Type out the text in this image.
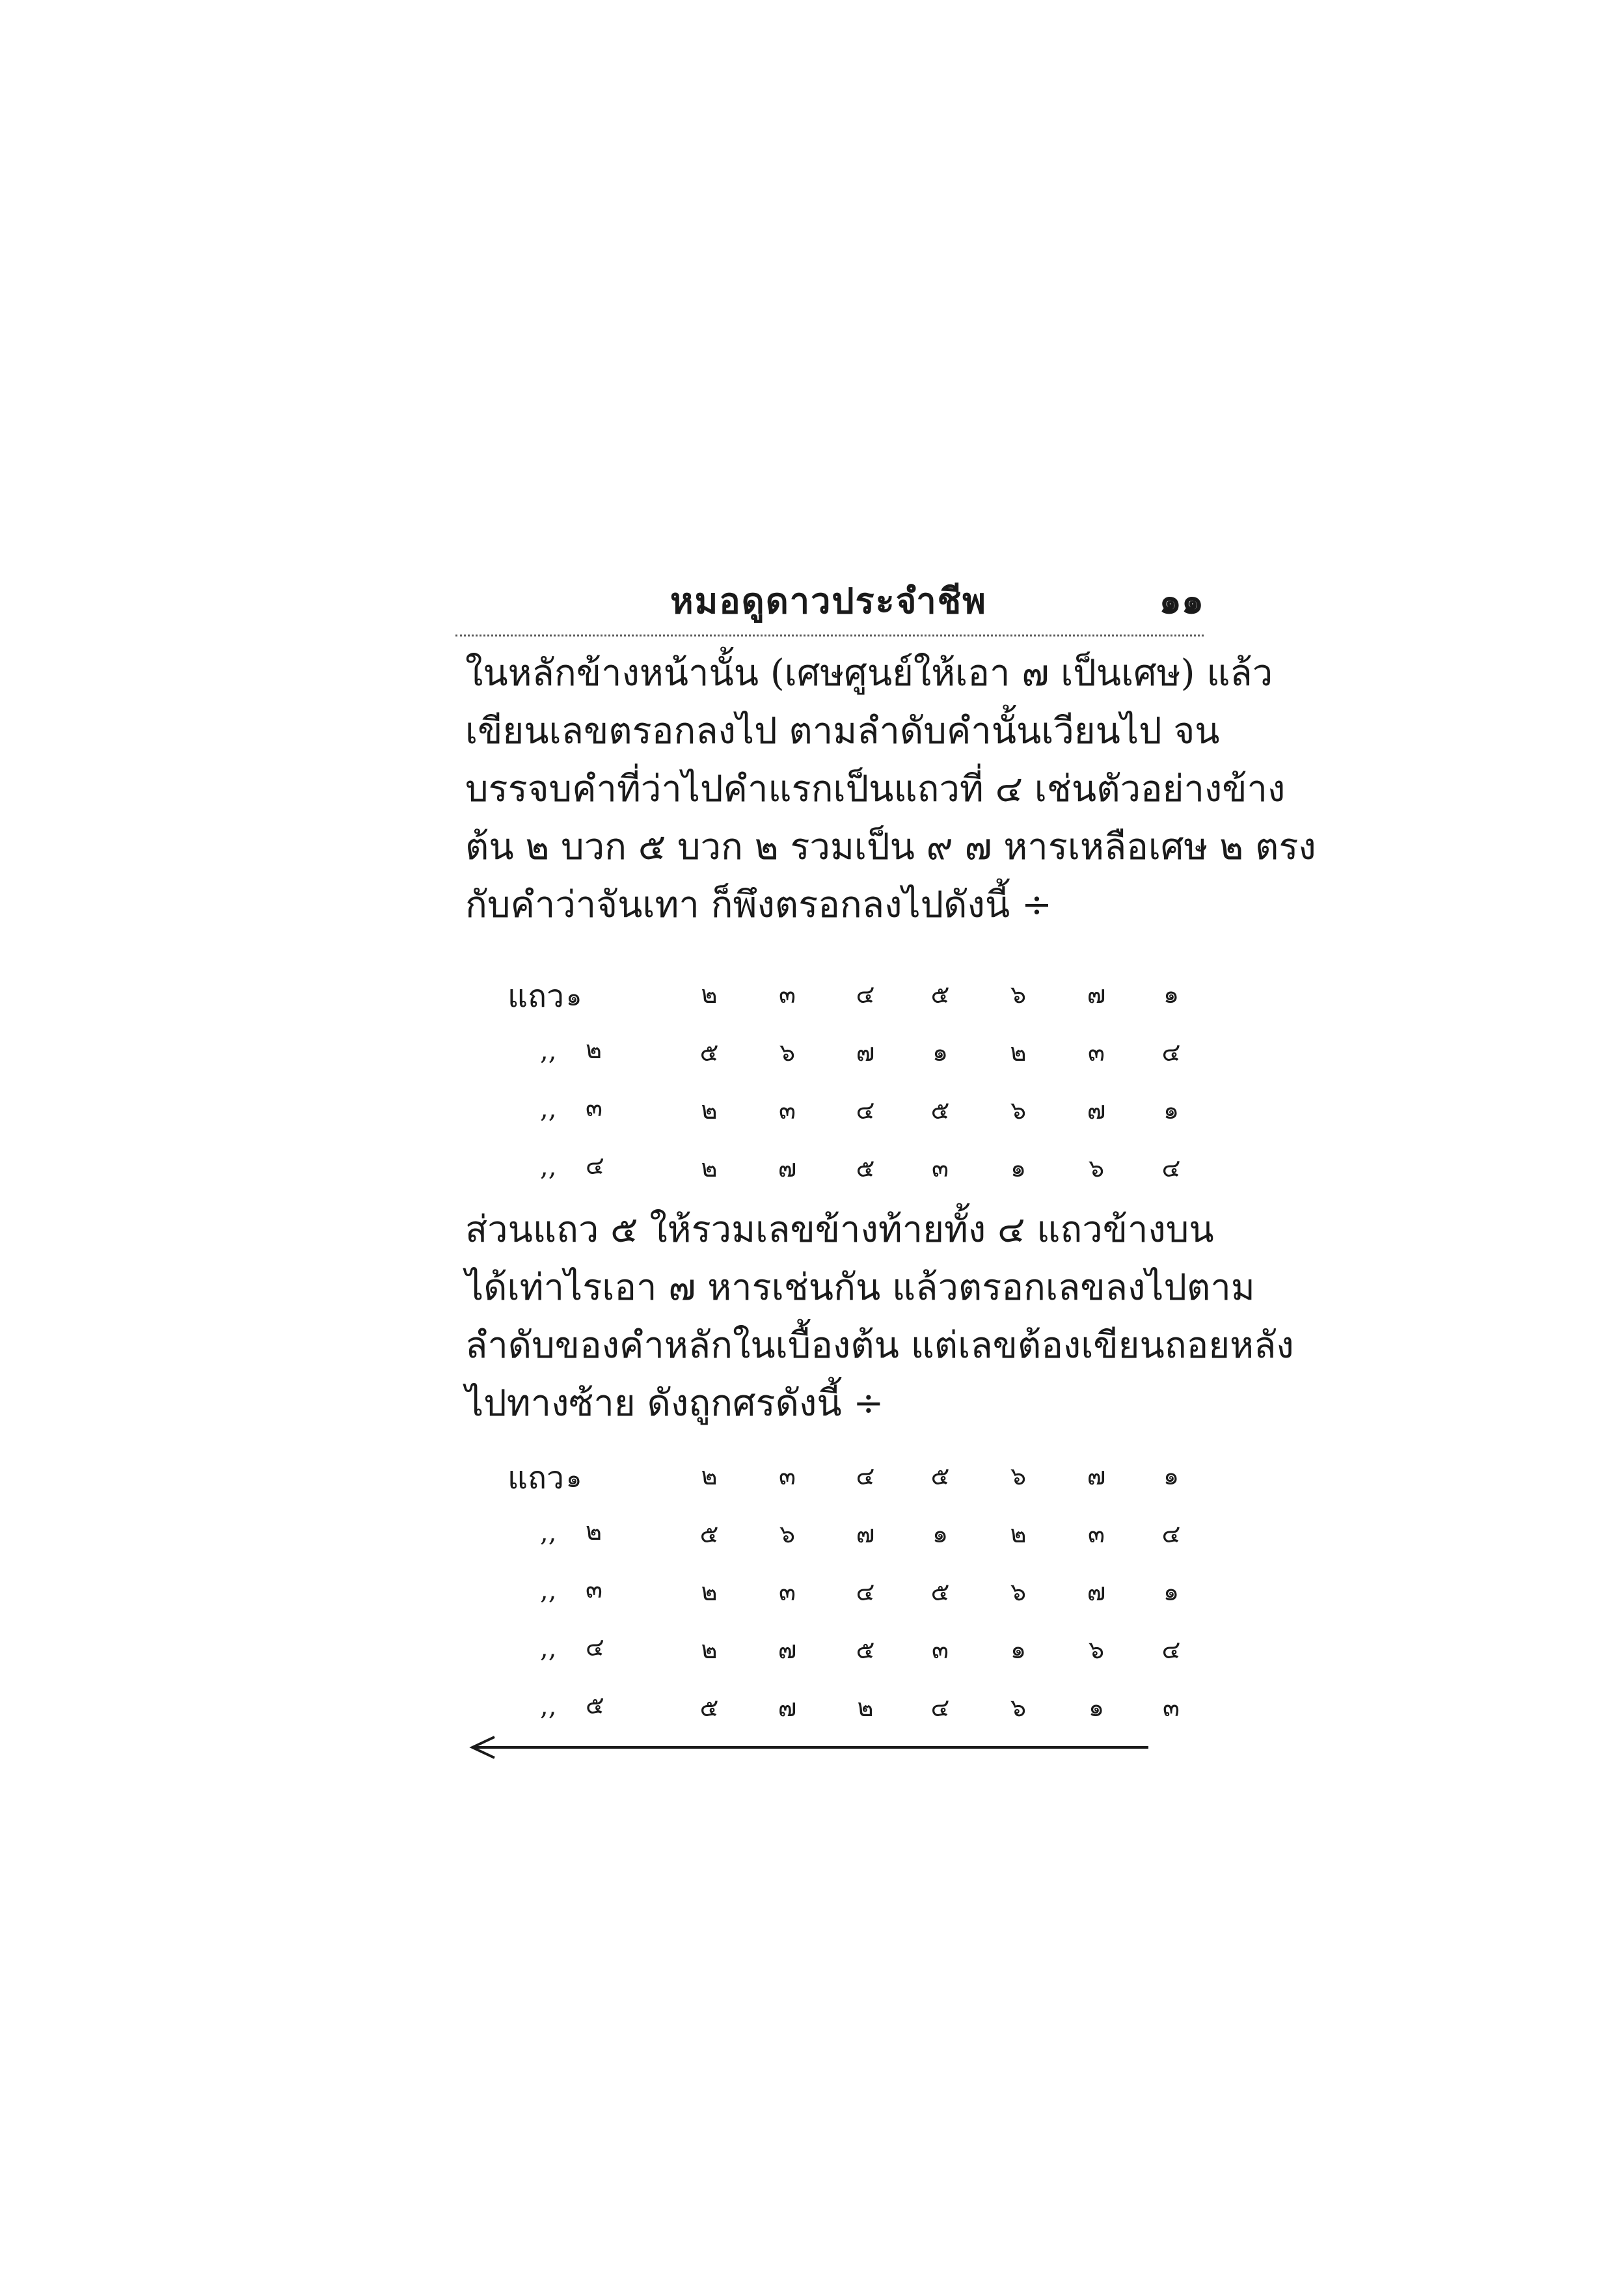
หมอดูดาวประจำชีพ	๑๑
ในหลักข้างหน้านั้น (เศษศูนย์ให้เอา ๗ เป็นเศษ) แล้ว
เขียนเลขตรอกลงไป ตามลำดับคำนั้นเวียนไป จน
บรรจบคำที่ว่าไปคำแรกเป็นแถวที่ ๔ เช่นตัวอย่างข้าง
ต้น ๒ บวก ๕ บวก ๒ รวมเป็น ๙ ๗ หารเหลือเศษ ๒ ตรง
กับคำว่าจันเทา ก็พึงตรอกลงไปดังนี้ ÷
แถว ๑	๒	๓	๔	๕	๖	๗	๑
,, ๒	๕	๖	๗	๑	๒	๓	๔
,, ๓	๒	๓	๔	๕	๖	๗	๑
,, ๔	๒	๗	๕	๓	๑	๖	๔
ส่วนแถว ๕ ให้รวมเลขข้างท้ายทั้ง ๔ แถวข้างบน
ได้เท่าไรเอา ๗ หารเช่นกัน แล้วตรอกเลขลงไปตาม
ลำดับของคำหลักในเบื้องต้น แต่เลขต้องเขียนถอยหลัง
ไปทางซ้าย ดังถูกศรดังนี้ ÷
แถว ๑	๒	๓	๔	๕	๖	๗	๑
,, ๒	๕	๖	๗	๑	๒	๓	๔
,, ๓	๒	๓	๔	๕	๖	๗	๑
,, ๔	๒	๗	๕	๓	๑	๖	๔
,, ๕	๕	๗	๒	๔	๖	๑	๓
